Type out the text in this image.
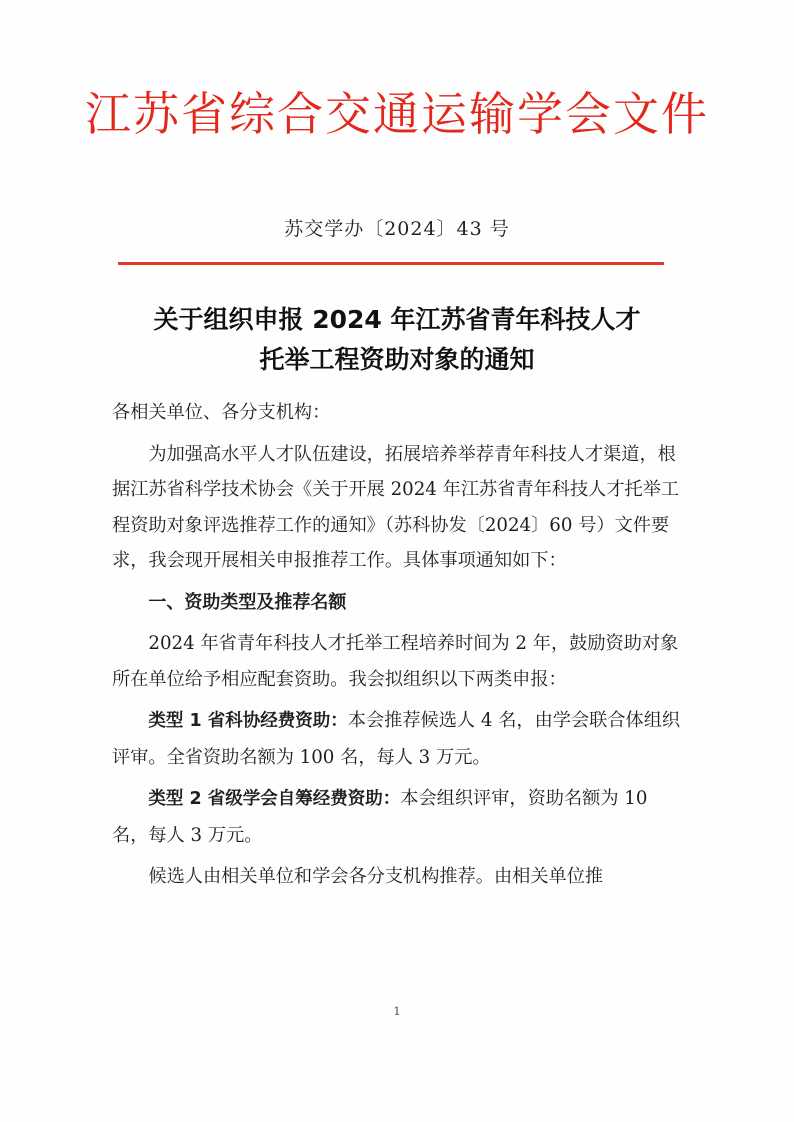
江苏省综合交通运输学会文件
苏交学办〔2024〕43 号
关于组织申报 2024 年江苏省青年科技人才
托举工程资助对象的通知

各相关单位、各分支机构：

为加强高水平人才队伍建设，拓展培养举荐青年科技人才渠道，根据江苏省科学技术协会《关于开展 2024 年江苏省青年科技人才托举工程资助对象评选推荐工作的通知》（苏科协发〔2024〕60 号）文件要求，我会现开展相关申报推荐工作。具体事项通知如下：

一、资助类型及推荐名额

2024 年省青年科技人才托举工程培养时间为 2 年，鼓励资助对象所在单位给予相应配套资助。我会拟组织以下两类申报：

类型 1 省科协经费资助：本会推荐候选人 4 名，由学会联合体组织评审。全省资助名额为 100 名，每人 3 万元。

类型 2 省级学会自筹经费资助：本会组织评审，资助名额为 10 名，每人 3 万元。

候选人由相关单位和学会各分支机构推荐。由相关单位推

1
